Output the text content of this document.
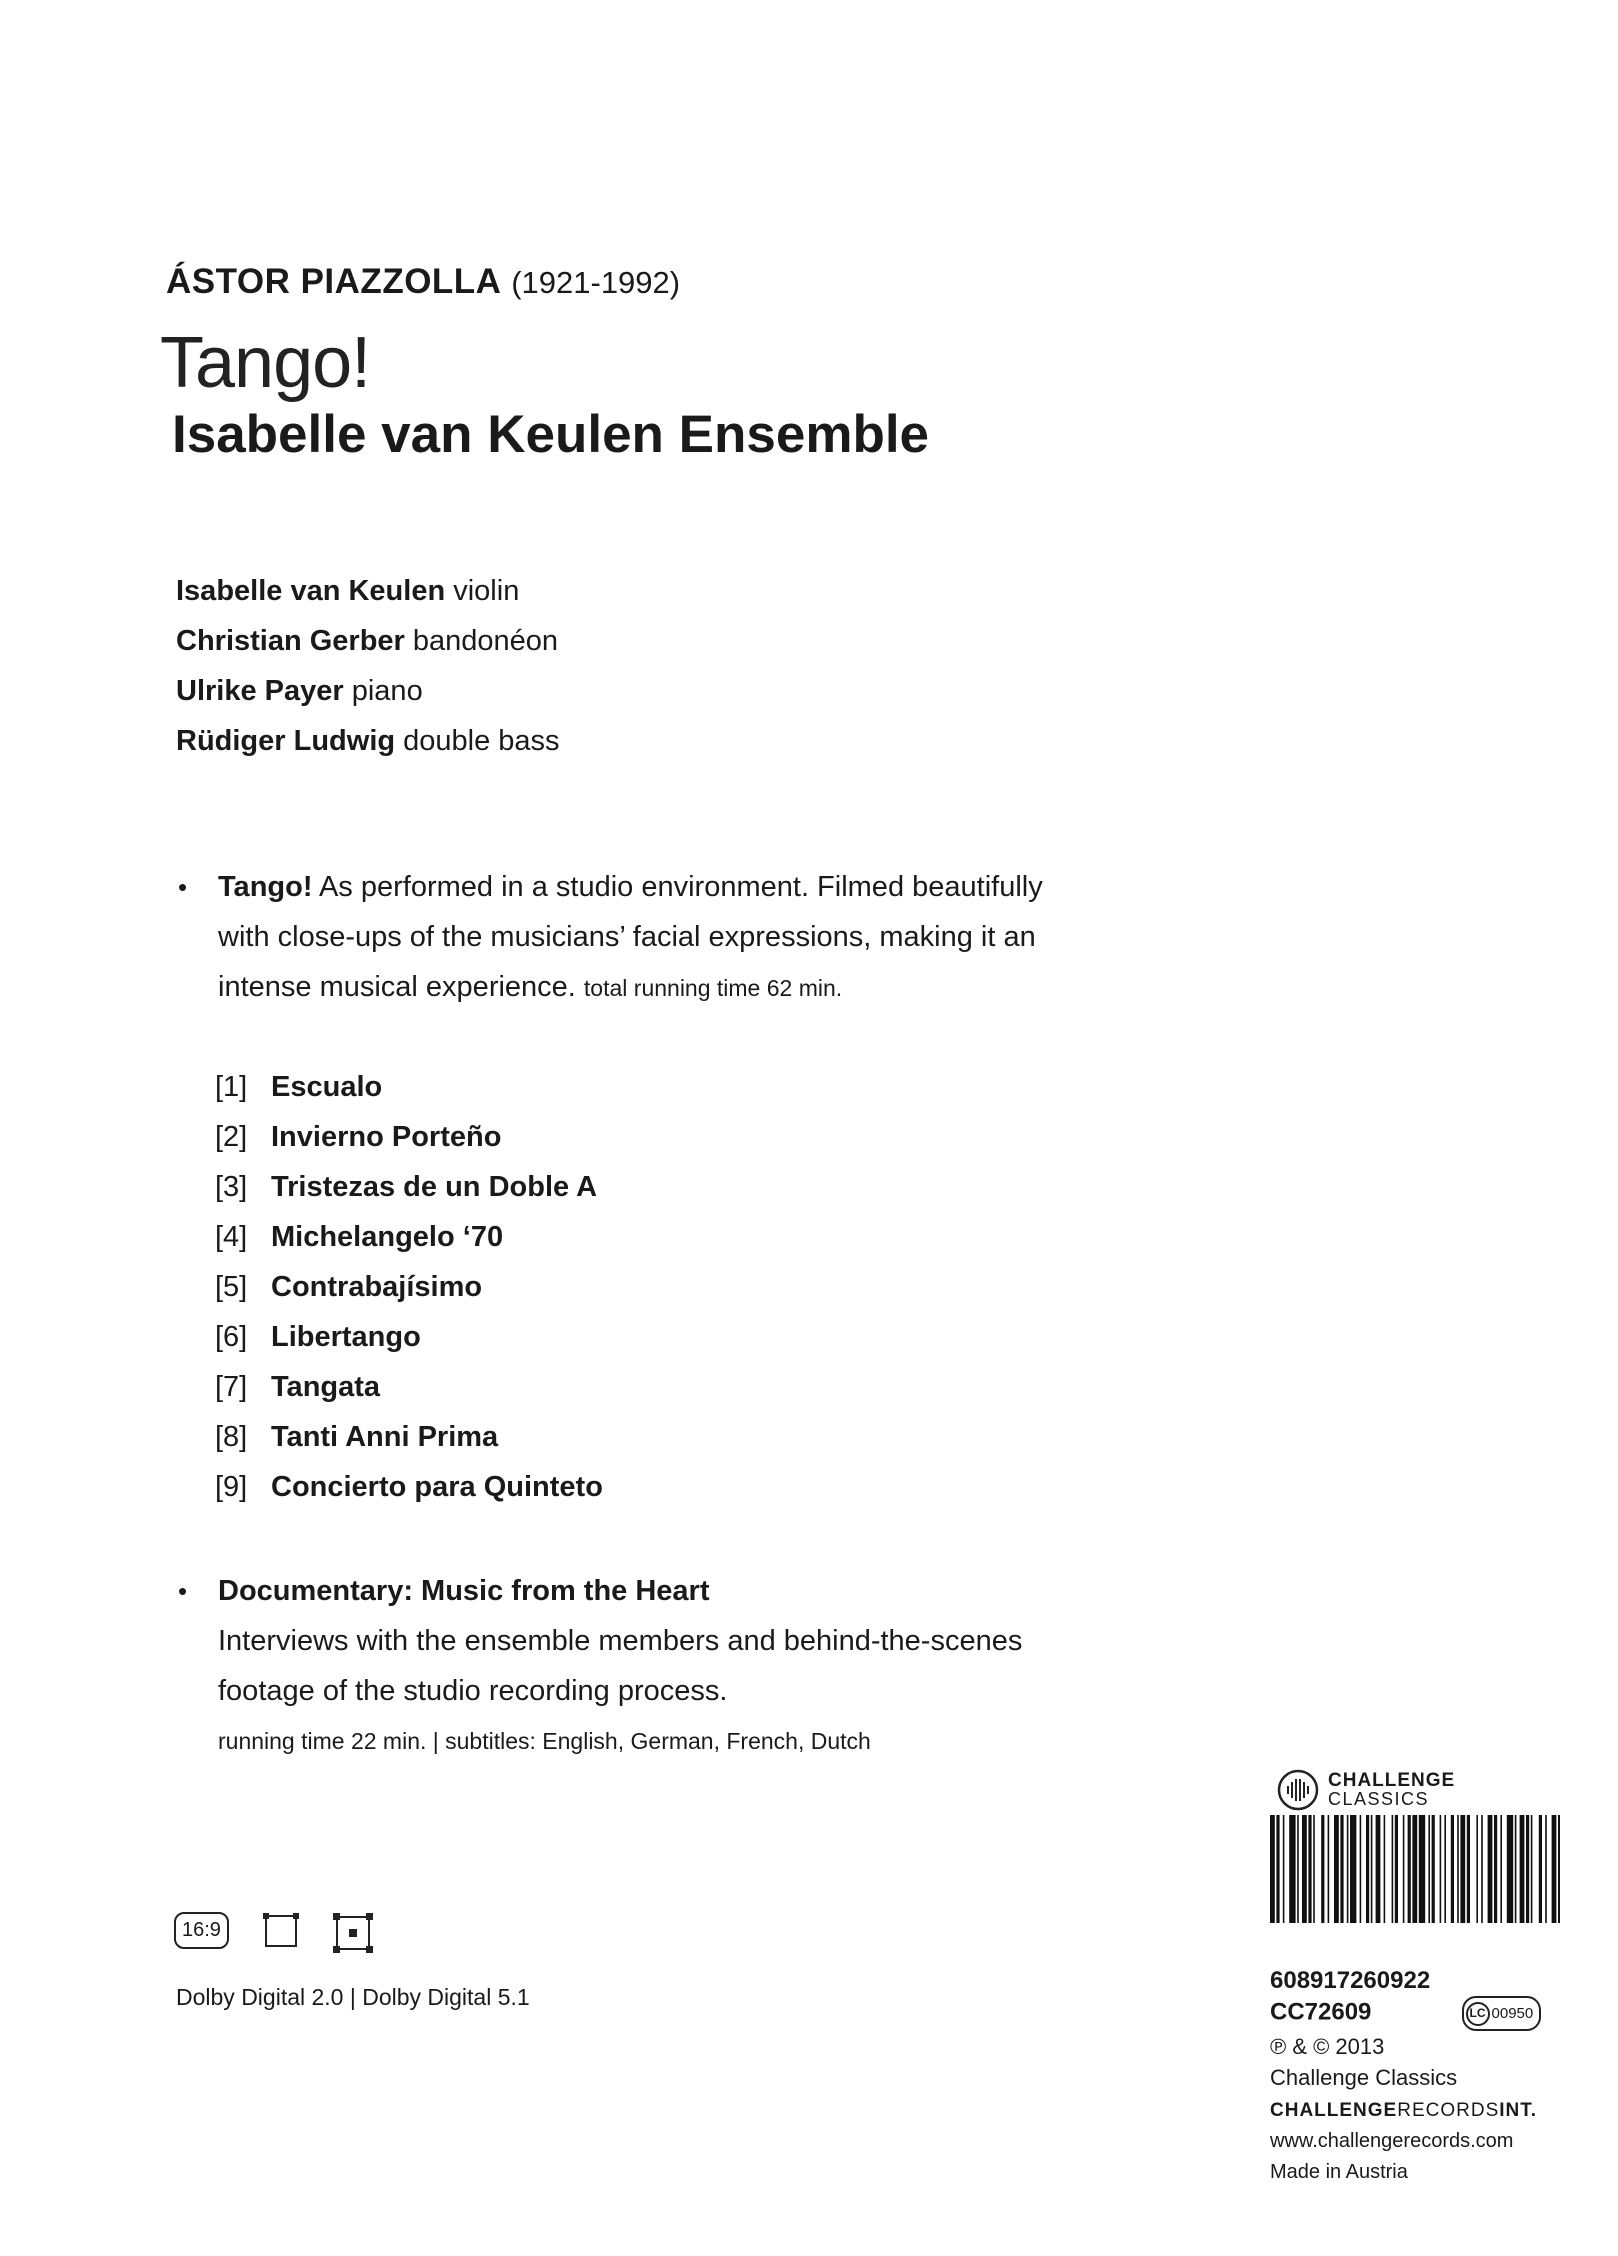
ÁSTOR PIAZZOLLA (1921-1992)
Tango!
Isabelle van Keulen Ensemble
Isabelle van Keulen violin
Christian Gerber bandonéon
Ulrike Payer piano
Rüdiger Ludwig double bass
• Tango! As performed in a studio environment. Filmed beautifully
with close-ups of the musicians’ facial expressions, making it an
intense musical experience. total running time 62 min.
[1] Escualo
[2] Invierno Porteño
[3] Tristezas de un Doble A
[4] Michelangelo ‘70
[5] Contrabajísimo
[6] Libertango
[7] Tangata
[8] Tanti Anni Prima
[9] Concierto para Quinteto
• Documentary: Music from the Heart
Interviews with the ensemble members and behind-the-scenes
footage of the studio recording process.
running time 22 min. | subtitles: English, German, French, Dutch
16:9
Dolby Digital 2.0 | Dolby Digital 5.1
CHALLENGE
CLASSICS
608917260922
CC72609	LC 00950
℗ & © 2013
Challenge Classics
CHALLENGERECORDSINT.
www.challengerecords.com
Made in Austria
